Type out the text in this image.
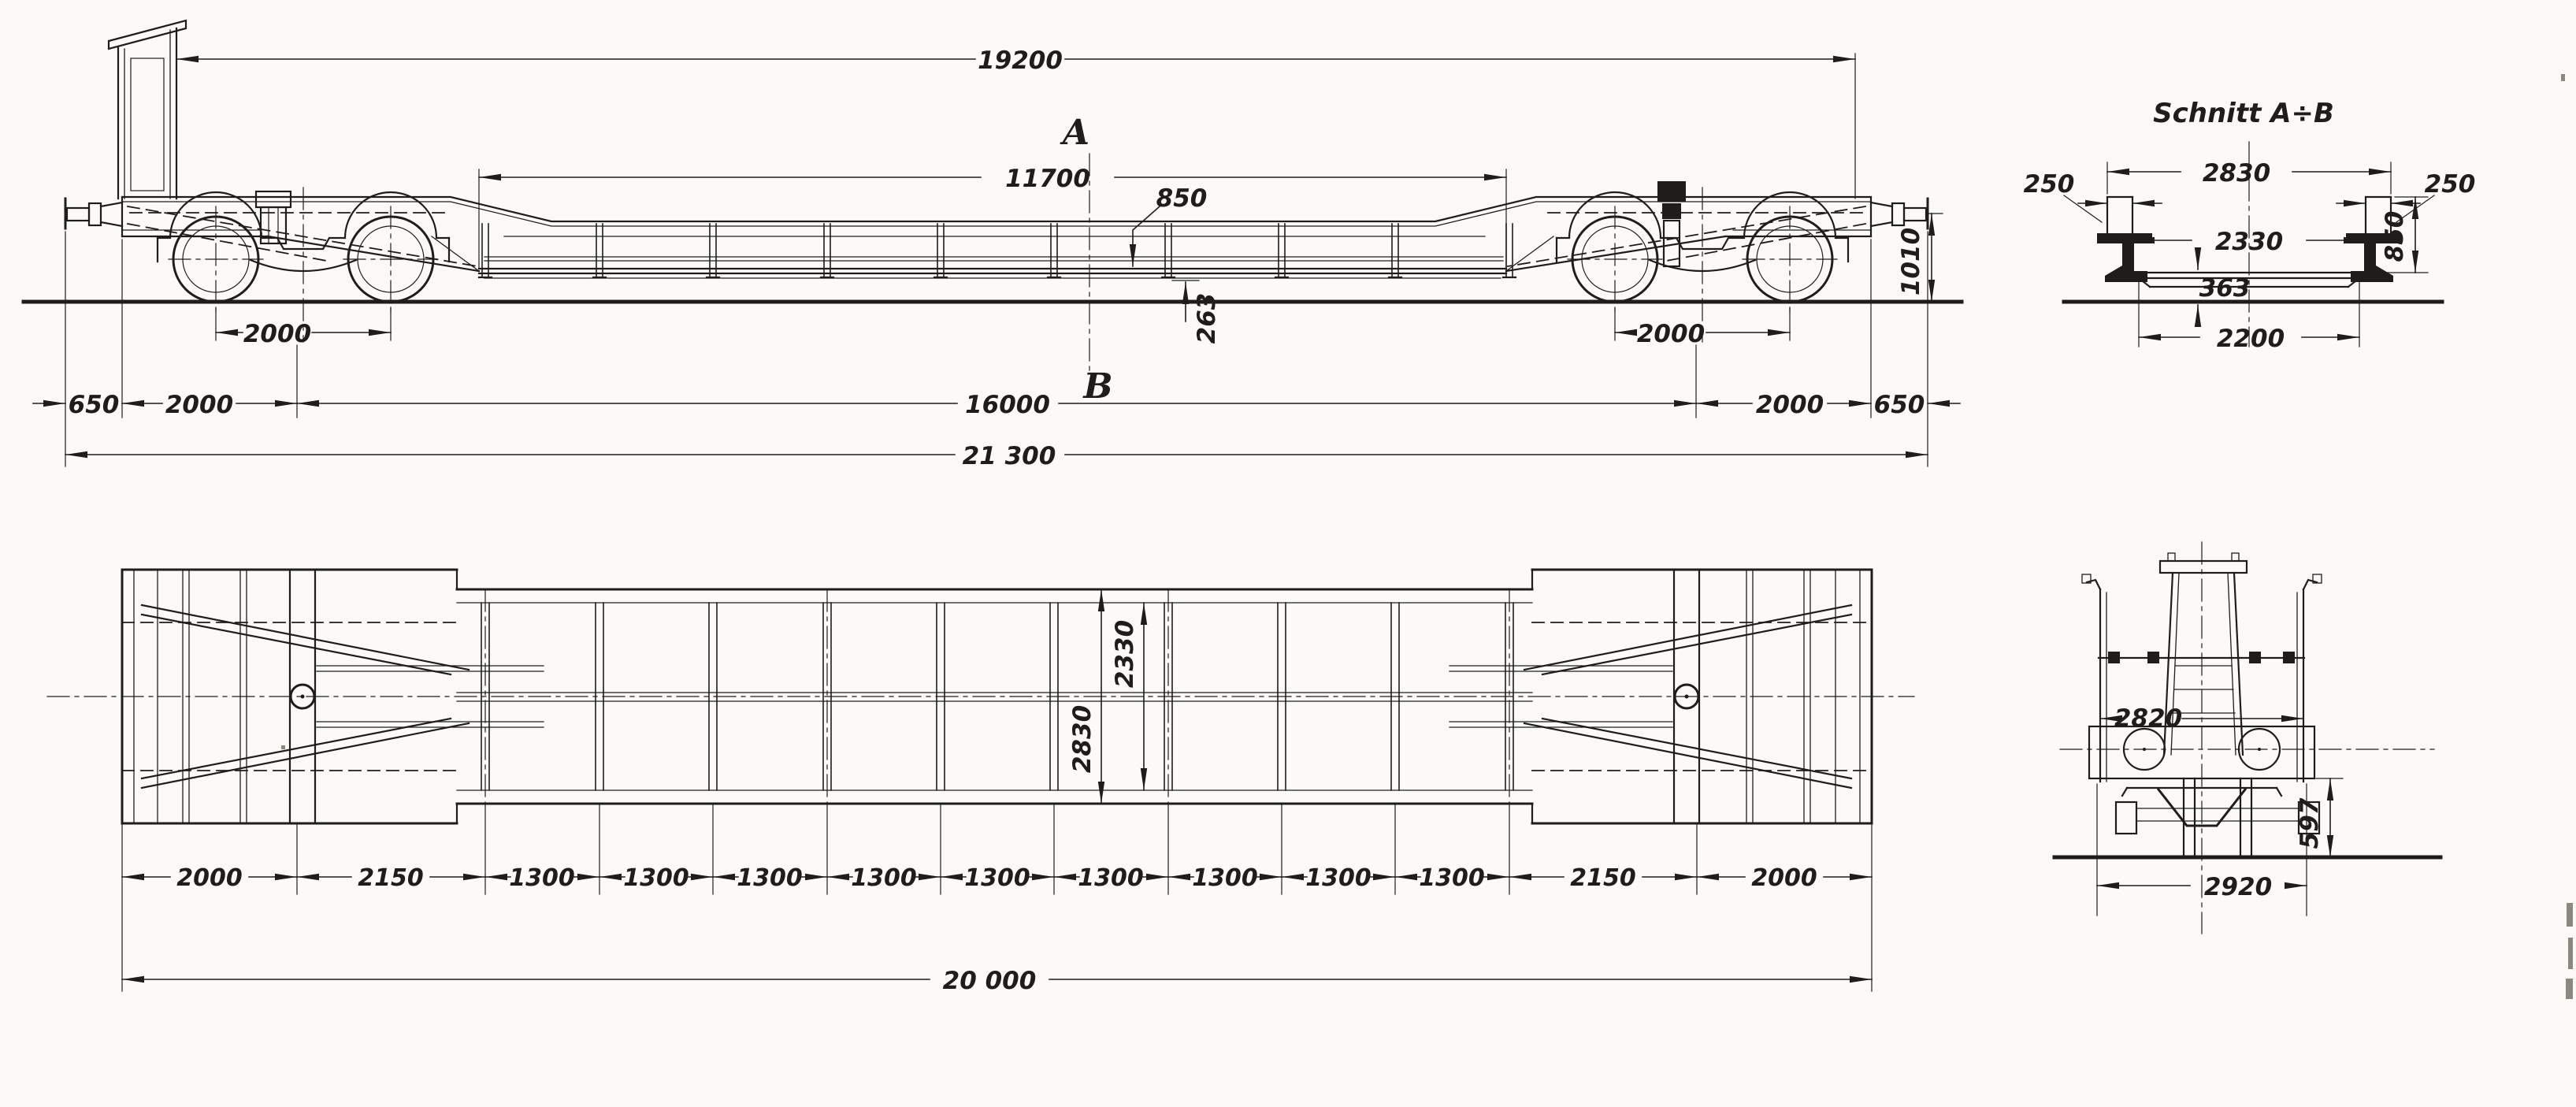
A
B
19200
11700
850
263
2000	2000
1010
650 2000	16000	2000 650
21 300
Schnitt A÷B
2830
250	250
2330
363
850
2200
2330
2830
2000	2150	1300 1300 1300 1300 1300 1300 1300 1300 1300	2150	2000
20 000
2820
597
2920
